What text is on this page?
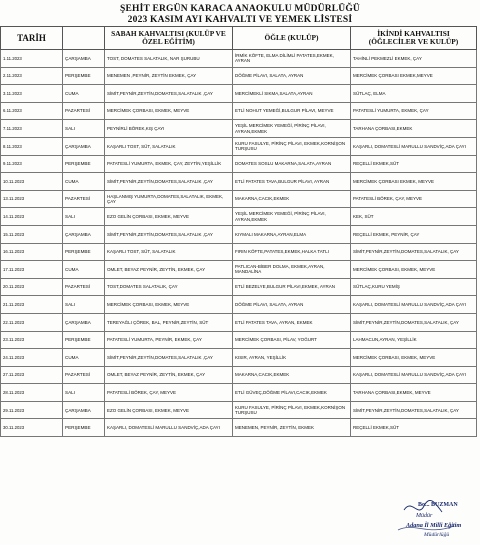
ŞEHİT ERGÜN KARACA ANAOKULU MÜDÜRLÜĞÜ
2023 KASIM AYI KAHVALTI VE YEMEK LİSTESİ
TARİH		SABAH KAHVALTISI (KULÜP VE ÖZEL EĞİTİM)	ÖĞLE (KULÜP)	İKİNDİ KAHVALTISI (ÖĞLECİLER VE KULÜP)
1.11.2023	ÇARŞAMBA	TOST, DOMATES SALATALIK, NAR ŞURUBU	İRMİK KÖFTE, ELMA DİLİMLİ PATATES,EKMEK, AYRAN	TAHİNLİ PEKMEZLİ EKMEK, ÇAY
2.11.2023	PERŞEMBE	MENEMEN ,PEYNİR, ZEYTİN EKMEK, ÇAY	DÖĞME PİLAVI, SALATA, AYRAN	MERCİMEK ÇORBASI EKMEK,MEYVE
3.11.2023	CUMA	SİMİT,PEYNİR,ZEYTİN,DOMATES,SALATALIK ,ÇAY	MERCİMEKLİ SIKMA,SALATA,AYRAN	SÜTLAÇ, ELMA
6.11.2023	PAZARTESİ	MERCİMEK ÇORBASI, EKMEK, MEYVE	ETLİ NOHUT YEMEĞİ,BULGUR PİLAVI, MEYVE	PATATESLİ YUMURTA, EKMEK, ÇAY
7.11.2023	SALI	PEYNİRLİ BÖREK,KIŞ ÇAYI	YEŞİL MERCİMEK YEMEĞİ, PİRİNÇ PİLAVI, AYRAN,EKMEK	TARHANA ÇORBASI,EKMEK
8.11.2023	ÇARŞAMBA	KAŞARLI TOST, SÜT, SALATALIK	KURU FASULYE, PİRİNÇ PİLAVI, EKMEK,KORNİŞON TURŞUSU	KAŞARLI, DOMATESLİ MARULLU SANDVİÇ,ADA ÇAYI
9.11.2023	PERŞEMBE	PATATESLİ YUMURTA, EKMEK, ÇAY, ZEYTİN,YEŞİLLİK	DOMATES SOSLU MAKARNA,SALATA,AYRAN	REÇELLİ EKMEK,SÜT
10.11.2023	CUMA	SİMİT,PEYNİR,ZEYTİN,DOMATES,SALATALIK ,ÇAY	ETLİ PATATES TAVA,BULGUR PİLAVI, AYRAN	MERCİMEK ÇORBASI EKMEK, MEYVE
13.11.2023	PAZARTESİ	HAŞLANMIŞ YUMURTA,DOMATES,SALATALIK, EKMEK, ÇAY	MAKARNA,CACIK,EKMEK	PATATESLİ BÖREK, ÇAY, MEYVE
14.11.2023	SALI	EZO GELİN ÇORBASI, EKMEK, MEYVE	YEŞİL MERCİMEK YEMEĞİ, PİRİNÇ PİLAVI, AYRAN,EKMEK	KEK, SÜT
15.11.2023	ÇARŞAMBA	SİMİT,PEYNİR,ZEYTİN,DOMATES,SALATALIK ,ÇAY	KIYMALI MAKARNA,AYRAN,ELMA	REÇELLİ EKMEK, PEYNİR, ÇAY
16.11.2023	PERŞEMBE	KAŞARLI TOST, SÜT, SALATALIK	FIRIN KÖFTE,PATATES,EKMEK,HALKA TATLI	SİMİT,PEYNİR,ZEYTİN,DOMATES,SALATALIK, ÇAY
17.11.2023	CUMA	OMLET, BEYAZ PEYNİR, ZEYTİN, EKMEK, ÇAY	PATLICAN-BİBER DOLMA, EKMEK,AYRAN, MANDALİNA	MERCİMEK ÇORBASI, EKMEK, MEYVE
20.11.2023	PAZARTESİ	TOST,DOMATES SALATALIK, ÇAY	ETLİ BEZELYE,BULGUR PİLAVI,EKMEK, AYRAN	SÜTLAÇ,KURU YEMİŞ
21.11.2023	SALI	MERCİMEK ÇORBASI, EKMEK, MEYVE	DÖĞME PİLAVI, SALATA, AYRAN	KAŞARLI, DOMATESLİ MARULLU SANDVİÇ,ADA ÇAYI
22.11.2023	ÇARŞAMBA	TEREYAĞLI ÇÖREK, BAL, PEYNİR,ZEYTİN, SÜT	ETLİ PATATES TAVA, AYRAN, EKMEK	SİMİT,PEYNİR,ZEYTİN,DOMATES,SALATALIK, ÇAY
23.11.2023	PERŞEMBE	PATATESLİ YUMURTA, PEYNİR, EKMEK, ÇAY	MERCİMEK ÇORBASI, PİLAV, YOĞURT	LAHMACUN,AYRAN, YEŞİLLİK
24.11.2023	CUMA	SİMİT,PEYNİR,ZEYTİN,DOMATES,SALATALIK ,ÇAY	KISIR, AYRAN, YEŞİLLİK	MERCİMEK ÇORBASI, EKMEK, MEYVE
27.11.2023	PAZARTESİ	OMLET, BEYAZ PEYNİR, ZEYTİN, EKMEK, ÇAY	MAKARNA,CACIK,EKMEK	KAŞARLI, DOMATESLİ MARULLU SANDVİÇ,ADA ÇAYI
28.11.2023	SALI	PATATESLİ BÖREK, ÇAY, MEYVE	ETLİ GÜVEÇ,DÖĞME PİLAVI,CACIK,EKMEK	TARHANA ÇORBASI,EKMEK, MEYVE
29.11.2023	ÇARŞAMBA	EZO GELİN ÇORBASI, EKMEK, MEYVE	KURU FASULYE, PİRİNÇ PİLAVI, EKMEK,KORNİŞON TURŞUSU	SİMİT,PEYNİR,ZEYTİN,DOMATES,SALATALIK, ÇAY
30.11.2023	PERŞEMBE	KAŞARLI, DOMATESLİ MARULLU SANDVİÇ,ADA ÇAYI	MENEMEN, PEYNİR, ZEYTİN, EKMEK	REÇELLİ EKMEK,SÜT
Bo... BUZMAN
Müdür
Adana İl Milli Eğitim
Müdürlüğü
